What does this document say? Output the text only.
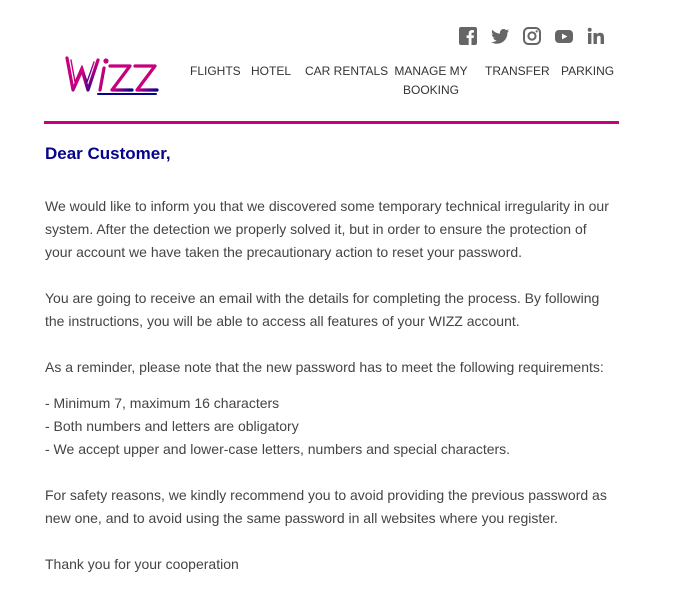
FLIGHTS HOTEL CAR RENTALS MANAGE MY BOOKING
TRANSFER PARKING
Dear Customer,

We would like to inform you that we discovered some temporary technical irregularity in our system. After the detection we properly solved it, but in order to ensure the protection of your account we have taken the precautionary action to reset your password.

You are going to receive an email with the details for completing the process. By following the instructions, you will be able to access all features of your WIZZ account.

As a reminder, please note that the new password has to meet the following requirements:

- Minimum 7, maximum 16 characters
- Both numbers and letters are obligatory
- We accept upper and lower-case letters, numbers and special characters.

For safety reasons, we kindly recommend you to avoid providing the previous password as new one, and to avoid using the same password in all websites where you register.

Thank you for your cooperation
